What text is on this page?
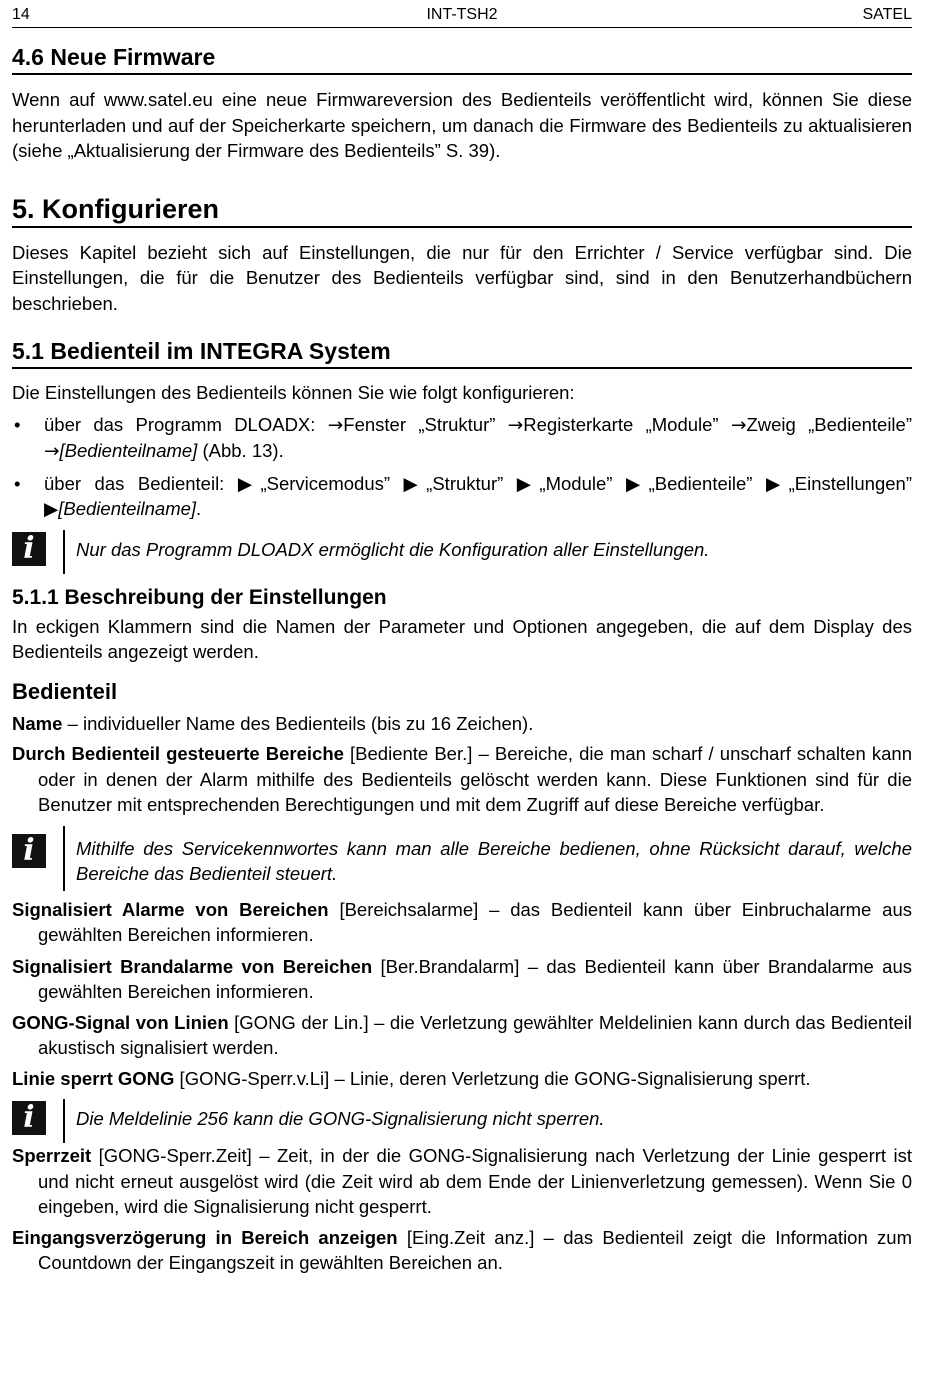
14	INT-TSH2	SATEL
4.6 Neue Firmware

Wenn auf www.satel.eu eine neue Firmwareversion des Bedienteils veröffentlicht wird, können Sie diese herunterladen und auf der Speicherkarte speichern, um danach die Firmware des Bedienteils zu aktualisieren (siehe „Aktualisierung der Firmware des Bedienteils” S. 39).

5. Konfigurieren

Dieses Kapitel bezieht sich auf Einstellungen, die nur für den Errichter / Service verfügbar sind. Die Einstellungen, die für die Benutzer des Bedienteils verfügbar sind, sind in den Benutzerhandbüchern beschrieben.

5.1 Bedienteil im INTEGRA System

Die Einstellungen des Bedienteils können Sie wie folgt konfigurieren:

• über das Programm DLOADX: →Fenster „Struktur” →Registerkarte „Module” →Zweig „Bedienteile” →[Bedienteilname] (Abb. 13).
• über das Bedienteil: ▶„Servicemodus” ▶„Struktur” ▶„Module” ▶„Bedienteile” ▶„Einstellungen” ▶[Bedienteilname].
i	Nur das Programm DLOADX ermöglicht die Konfiguration aller Einstellungen.

5.1.1 Beschreibung der Einstellungen

In eckigen Klammern sind die Namen der Parameter und Optionen angegeben, die auf dem Display des Bedienteils angezeigt werden.

Bedienteil

Name – individueller Name des Bedienteils (bis zu 16 Zeichen).

Durch Bedienteil gesteuerte Bereiche [Bediente Ber.] – Bereiche, die man scharf / unscharf schalten kann oder in denen der Alarm mithilfe des Bedienteils gelöscht werden kann. Diese Funktionen sind für die Benutzer mit entsprechenden Berechtigungen und mit dem Zugriff auf diese Bereiche verfügbar.

i	Mithilfe des Servicekennwortes kann man alle Bereiche bedienen, ohne Rücksicht darauf, welche Bereiche das Bedienteil steuert.

Signalisiert Alarme von Bereichen [Bereichsalarme] – das Bedienteil kann über Einbruchalarme aus gewählten Bereichen informieren.

Signalisiert Brandalarme von Bereichen [Ber.Brandalarm] – das Bedienteil kann über Brandalarme aus gewählten Bereichen informieren.

GONG-Signal von Linien [GONG der Lin.] – die Verletzung gewählter Meldelinien kann durch das Bedienteil akustisch signalisiert werden.

Linie sperrt GONG [GONG-Sperr.v.Li] – Linie, deren Verletzung die GONG-Signalisierung sperrt.

i	Die Meldelinie 256 kann die GONG-Signalisierung nicht sperren.

Sperrzeit [GONG-Sperr.Zeit] – Zeit, in der die GONG-Signalisierung nach Verletzung der Linie gesperrt ist und nicht erneut ausgelöst wird (die Zeit wird ab dem Ende der Linienverletzung gemessen). Wenn Sie 0 eingeben, wird die Signalisierung nicht gesperrt.

Eingangsverzögerung in Bereich anzeigen [Eing.Zeit anz.] – das Bedienteil zeigt die Information zum Countdown der Eingangszeit in gewählten Bereichen an.
